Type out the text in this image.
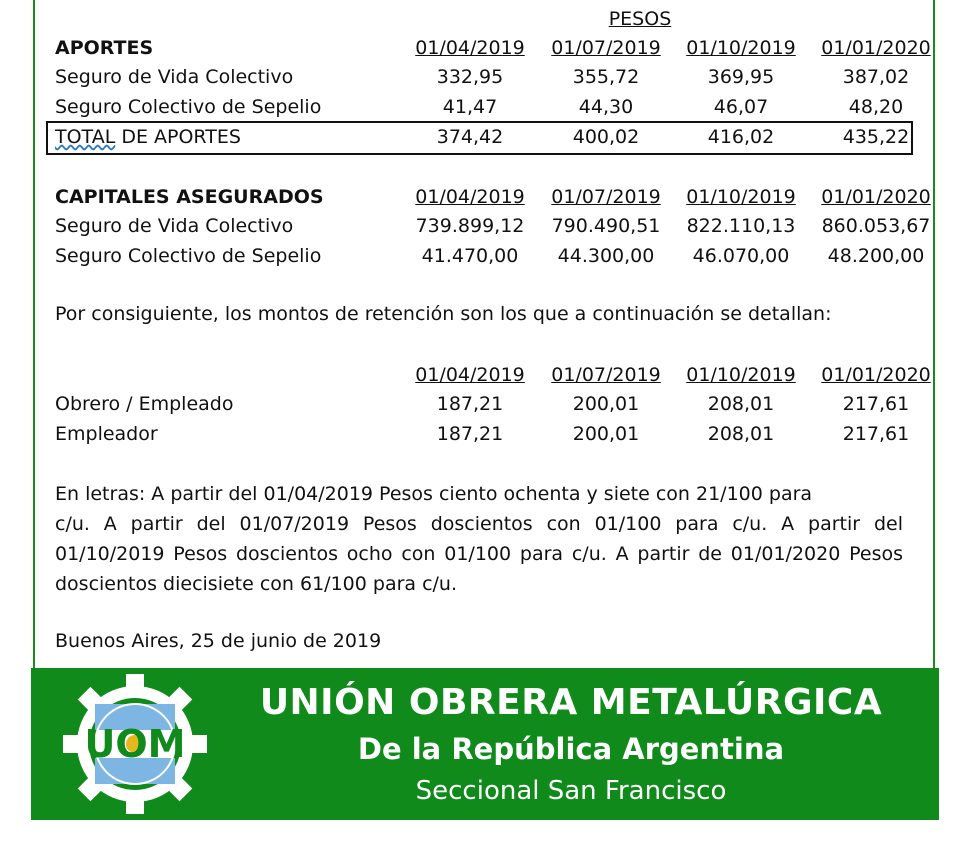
PESOS
APORTES	01/04/2019	01/07/2019	01/10/2019	01/01/2020
Seguro de Vida Colectivo	332,95	355,72	369,95	387,02
Seguro Colectivo de Sepelio	41,47	44,30	46,07	48,20
TOTAL DE APORTES	374,42	400,02	416,02	435,22
CAPITALES ASEGURADOS	01/04/2019	01/07/2019	01/10/2019	01/01/2020
Seguro de Vida Colectivo	739.899,12	790.490,51	822.110,13	860.053,67
Seguro Colectivo de Sepelio	41.470,00	44.300,00	46.070,00	48.200,00
Por consiguiente, los montos de retención son los que a continuación se detallan:
01/04/2019	01/07/2019	01/10/2019	01/01/2020
Obrero / Empleado	187,21	200,01	208,01	217,61
Empleador	187,21	200,01	208,01	217,61
En letras: A partir del 01/04/2019 Pesos ciento ochenta y siete con 21/100 para
c/u. A partir del 01/07/2019 Pesos doscientos con 01/100 para c/u. A partir del
01/10/2019 Pesos doscientos ocho con 01/100 para c/u. A partir de 01/01/2020 Pesos
doscientos diecisiete con 61/100 para c/u.
Buenos Aires, 25 de junio de 2019
UOM
UNIÓN OBRERA METALÚRGICA
De la República Argentina
Seccional San Francisco
